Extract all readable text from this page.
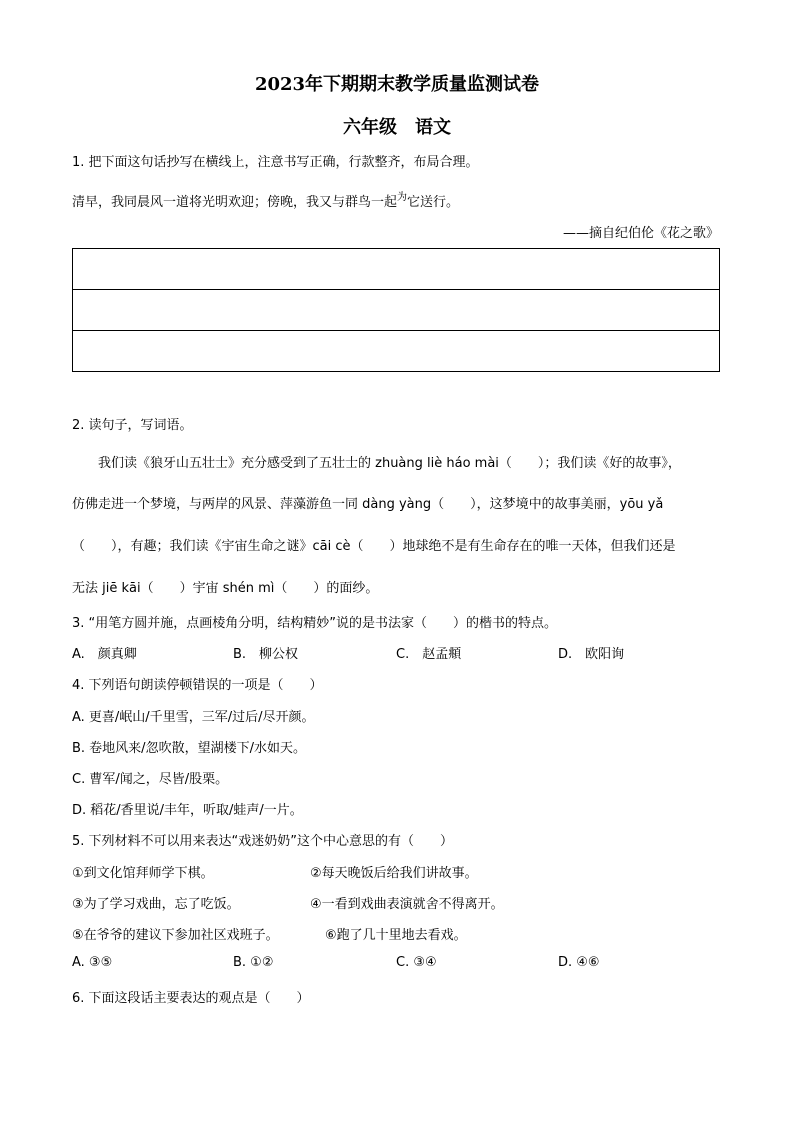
2023年下期期末教学质量监测试卷
六年级　语文
1. 把下面这句话抄写在横线上，注意书写正确，行款整齐，布局合理。
清早，我同晨风一道将光明欢迎；傍晚，我又与群鸟一起$^为$它送行。
——摘自纪伯伦《花之歌》
2. 读句子，写词语。
　　我们读《狼牙山五壮士》充分感受到了五壮士的 zhuàng liè háo mài（　　）；我们读《好的故事》，
仿佛走进一个梦境，与两岸的风景、萍藻游鱼一同 dàng yàng（　　），这梦境中的故事美丽，yōu yǎ
（　　），有趣；我们读《宇宙生命之谜》cāi cè（　　）地球绝不是有生命存在的唯一天体，但我们还是
无法 jiē kāi（　　）宇宙 shén mì（　　）的面纱。
3. “用笔方圆并施，点画棱角分明，结构精妙”说的是书法家（　　）的楷书的特点。
A.　颜真卿	B.　柳公权	C.　赵孟頫	D.　欧阳询
4. 下列语句朗读停顿错误的一项是（　　）
A. 更喜/岷山/千里雪，三军/过后/尽开颜。
B. 卷地风来/忽吹散，望湖楼下/水如天。
C. 曹军/闻之，尽皆/股栗。
D. 稻花/香里说/丰年，听取/蛙声/一片。
5. 下列材料不可以用来表达“戏迷奶奶”这个中心意思的有（　　）
①到文化馆拜师学下棋。	②每天晚饭后给我们讲故事。
③为了学习戏曲，忘了吃饭。	④一看到戏曲表演就舍不得离开。
⑤在爷爷的建议下参加社区戏班子。	⑥跑了几十里地去看戏。
A. ③⑤	B. ①②	C. ③④	D. ④⑥
6. 下面这段话主要表达的观点是（　　）
